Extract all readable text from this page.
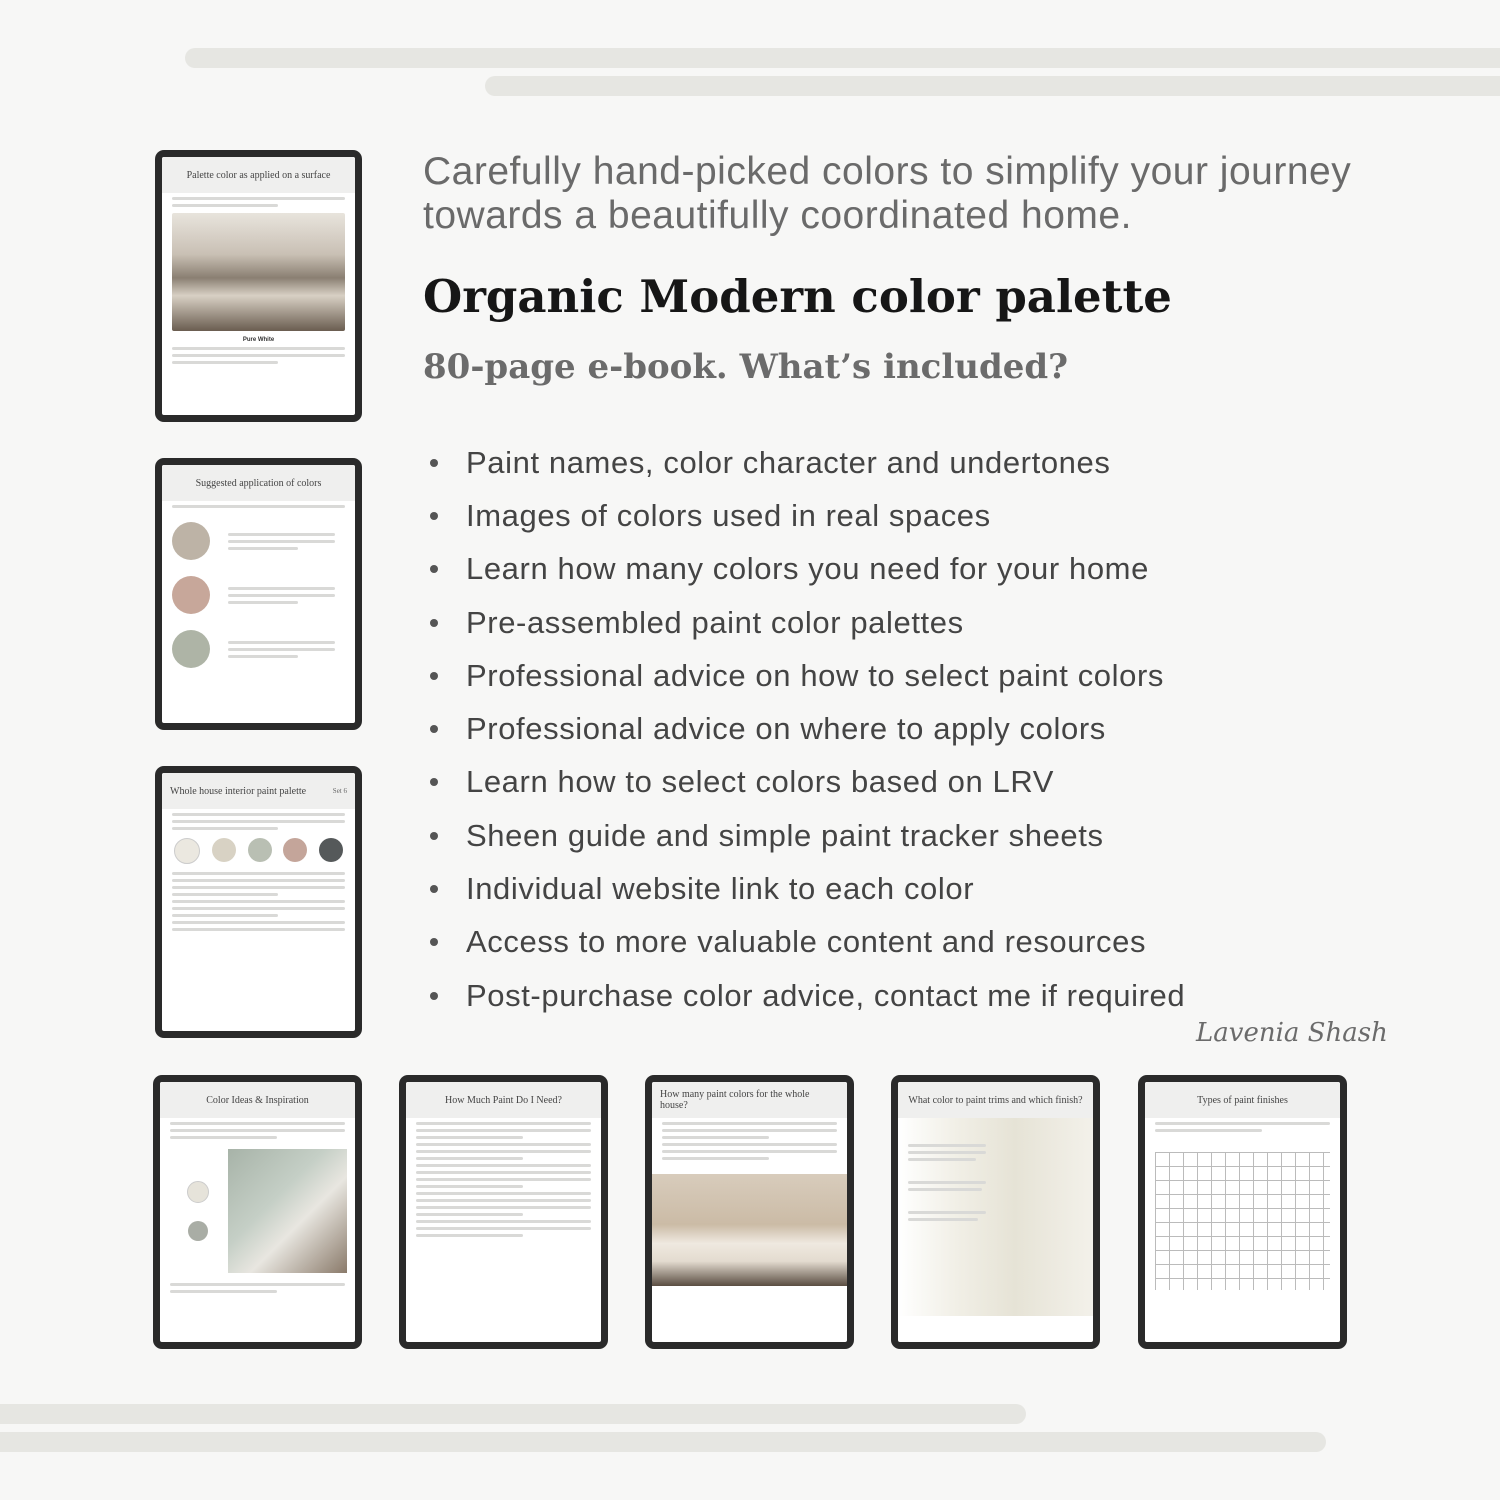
Palette color as applied on a surface
Pure White
Suggested application of colors
Whole house interior paint palette	Set 6
Color Ideas & Inspiration	How Much Paint Do I Need?	How many paint colors for the whole house?	What color to paint trims and which finish?	Types of paint finishes
Carefully hand-picked colors to simplify your journey towards a beautifully coordinated home.
Organic Modern color palette
80-page e-book. What’s included?
Paint names, color character and undertones
Images of colors used in real spaces
Learn how many colors you need for your home
Pre-assembled paint color palettes
Professional advice on how to select paint colors
Professional advice on where to apply colors
Learn how to select colors based on LRV
Sheen guide and simple paint tracker sheets
Individual website link to each color
Access to more valuable content and resources
Post-purchase color advice, contact me if required
Lavenia Shash
